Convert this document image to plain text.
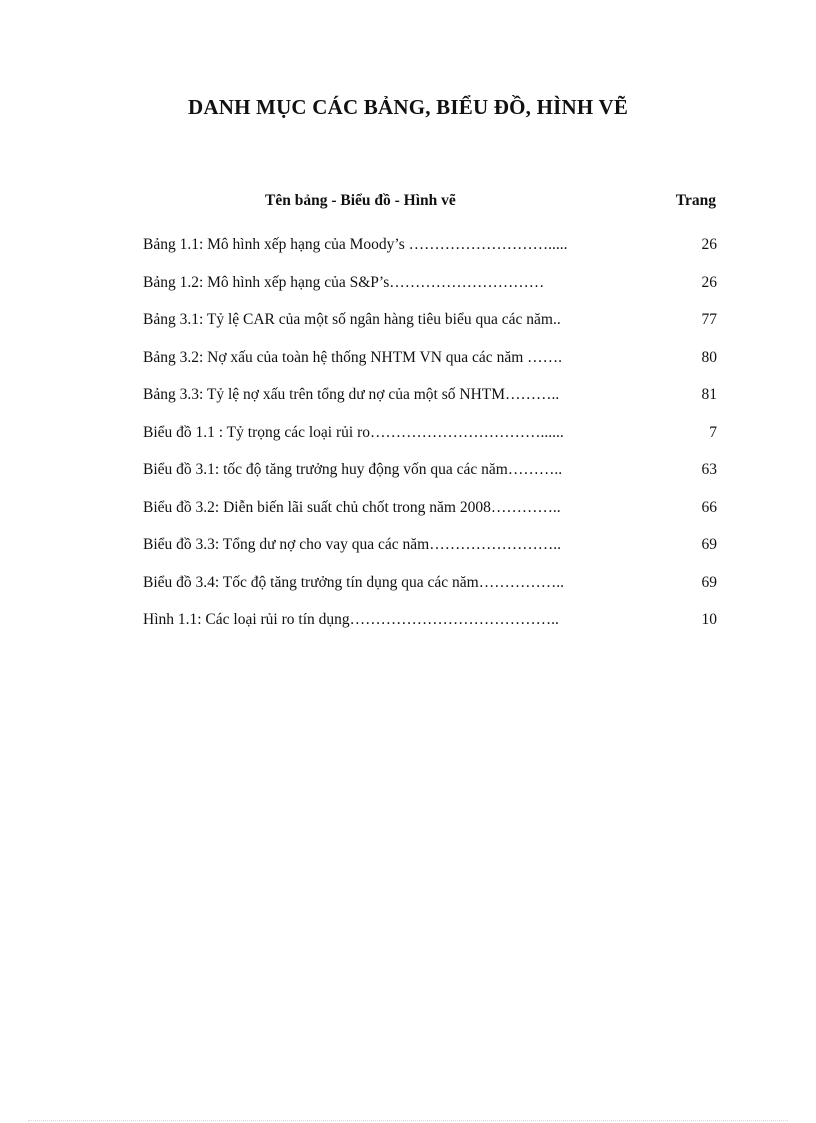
DANH MỤC CÁC BẢNG, BIỂU ĐỒ, HÌNH VẼ
Tên bảng - Biểu đồ - Hình vẽ	Trang
Bảng 1.1: Mô hình xếp hạng của Moody’s ……………………….....	26
Bảng 1.2: Mô hình xếp hạng của S&P’s…………………………	26
Bảng 3.1: Tỷ lệ CAR của một số ngân hàng tiêu biểu qua các năm..	77
Bảng 3.2: Nợ xấu của toàn hệ thống NHTM VN qua các năm …….	80
Bảng 3.3: Tỷ lệ nợ xấu trên tổng dư nợ của một số NHTM………..	81
Biểu đồ 1.1 : Tỷ trọng các loại rủi ro……………………………......	7
Biểu đồ 3.1: tốc độ tăng trưởng huy động vốn qua các năm………..	63
Biểu đồ 3.2: Diễn biến lãi suất chủ chốt trong năm 2008…………..	66
Biểu đồ 3.3: Tổng dư nợ cho vay qua các năm……………………..	69
Biểu đồ 3.4: Tốc độ tăng trưởng tín dụng qua các năm……………..	69
Hình 1.1: Các loại rủi ro tín dụng…………………………………..	10
